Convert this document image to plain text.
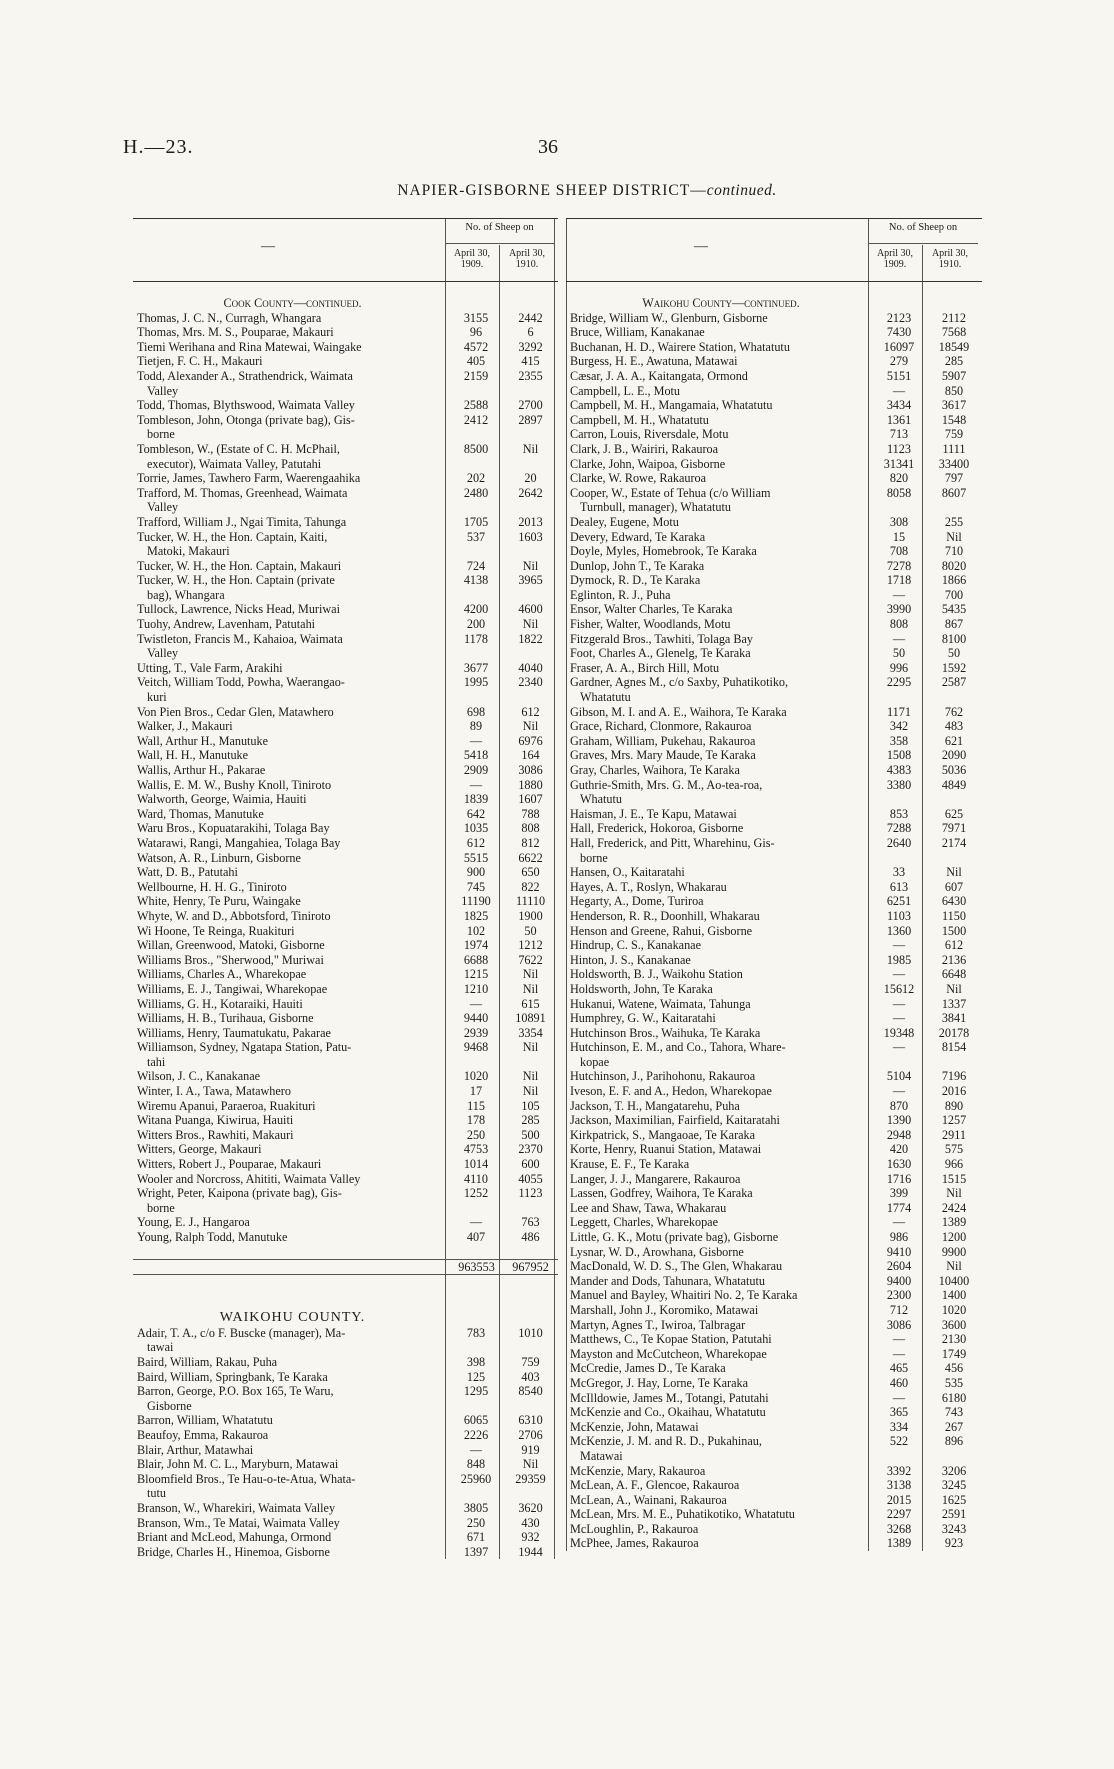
H.—23.	36
NAPIER-GISBORNE SHEEP DISTRICT—continued.
—
No. of Sheep on
April 30, 1909.
April 30, 1910.
Cook County—continued.
Thomas, J. C. N., Curragh, Whangara	3155	2442
Thomas, Mrs. M. S., Pouparae, Makauri	96	6
Tiemi Werihana and Rina Matewai, Waingake	4572	3292
Tietjen, F. C. H., Makauri	405	415
Todd, Alexander A., Strathendrick, Waimata	2159	2355
Valley
Todd, Thomas, Blythswood, Waimata Valley	2588	2700
Tombleson, John, Otonga (private bag), Gis-	2412	2897
borne
Tombleson, W., (Estate of C. H. McPhail,	8500	Nil
executor), Waimata Valley, Patutahi
Torrie, James, Tawhero Farm, Waerengaahika	202	20
Trafford, M. Thomas, Greenhead, Waimata	2480	2642
Valley
Trafford, William J., Ngai Timita, Tahunga	1705	2013
Tucker, W. H., the Hon. Captain, Kaiti,	537	1603
Matoki, Makauri
Tucker, W. H., the Hon. Captain, Makauri	724	Nil
Tucker, W. H., the Hon. Captain (private	4138	3965
bag), Whangara
Tullock, Lawrence, Nicks Head, Muriwai	4200	4600
Tuohy, Andrew, Lavenham, Patutahi	200	Nil
Twistleton, Francis M., Kahaioa, Waimata	1178	1822
Valley
Utting, T., Vale Farm, Arakihi	3677	4040
Veitch, William Todd, Powha, Waerangao-	1995	2340
kuri
Von Pien Bros., Cedar Glen, Matawhero	698	612
Walker, J., Makauri	89	Nil
Wall, Arthur H., Manutuke	—	6976
Wall, H. H., Manutuke	5418	164
Wallis, Arthur H., Pakarae	2909	3086
Wallis, E. M. W., Bushy Knoll, Tiniroto	—	1880
Walworth, George, Waimia, Hauiti	1839	1607
Ward, Thomas, Manutuke	642	788
Waru Bros., Kopuatarakihi, Tolaga Bay	1035	808
Watarawi, Rangi, Mangahiea, Tolaga Bay	612	812
Watson, A. R., Linburn, Gisborne	5515	6622
Watt, D. B., Patutahi	900	650
Wellbourne, H. H. G., Tiniroto	745	822
White, Henry, Te Puru, Waingake	11190	11110
Whyte, W. and D., Abbotsford, Tiniroto	1825	1900
Wi Hoone, Te Reinga, Ruakituri	102	50
Willan, Greenwood, Matoki, Gisborne	1974	1212
Williams Bros., "Sherwood," Muriwai	6688	7622
Williams, Charles A., Wharekopae	1215	Nil
Williams, E. J., Tangiwai, Wharekopae	1210	Nil
Williams, G. H., Kotaraiki, Hauiti	—	615
Williams, H. B., Turihaua, Gisborne	9440	10891
Williams, Henry, Taumatukatu, Pakarae	2939	3354
Williamson, Sydney, Ngatapa Station, Patu-	9468	Nil
tahi
Wilson, J. C., Kanakanae	1020	Nil
Winter, I. A., Tawa, Matawhero	17	Nil
Wiremu Apanui, Paraeroa, Ruakituri	115	105
Witana Puanga, Kiwirua, Hauiti	178	285
Witters Bros., Rawhiti, Makauri	250	500
Witters, George, Makauri	4753	2370
Witters, Robert J., Pouparae, Makauri	1014	600
Wooler and Norcross, Ahititi, Waimata Valley	4110	4055
Wright, Peter, Kaipona (private bag), Gis-	1252	1123
borne
Young, E. J., Hangaroa	—	763
Young, Ralph Todd, Manutuke	407	486
963553	967952
WAIKOHU COUNTY.
Adair, T. A., c/o F. Buscke (manager), Ma-	783	1010
tawai
Baird, William, Rakau, Puha	398	759
Baird, William, Springbank, Te Karaka	125	403
Barron, George, P.O. Box 165, Te Waru,	1295	8540
Gisborne
Barron, William, Whatatutu	6065	6310
Beaufoy, Emma, Rakauroa	2226	2706
Blair, Arthur, Matawhai	—	919
Blair, John M. C. L., Maryburn, Matawai	848	Nil
Bloomfield Bros., Te Hau-o-te-Atua, Whata-	25960	29359
tutu
Branson, W., Wharekiri, Waimata Valley	3805	3620
Branson, Wm., Te Matai, Waimata Valley	250	430
Briant and McLeod, Mahunga, Ormond	671	932
Bridge, Charles H., Hinemoa, Gisborne	1397	1944
—
No. of Sheep on
April 30, 1909.
April 30, 1910.
Waikohu County—continued.
Bridge, William W., Glenburn, Gisborne	2123	2112
Bruce, William, Kanakanae	7430	7568
Buchanan, H. D., Wairere Station, Whatatutu	16097	18549
Burgess, H. E., Awatuna, Matawai	279	285
Cæsar, J. A. A., Kaitangata, Ormond	5151	5907
Campbell, L. E., Motu	—	850
Campbell, M. H., Mangamaia, Whatatutu	3434	3617
Campbell, M. H., Whatatutu	1361	1548
Carron, Louis, Riversdale, Motu	713	759
Clark, J. B., Wairiri, Rakauroa	1123	1111
Clarke, John, Waipoa, Gisborne	31341	33400
Clarke, W. Rowe, Rakauroa	820	797
Cooper, W., Estate of Tehua (c/o William	8058	8607
Turnbull, manager), Whatatutu
Dealey, Eugene, Motu	308	255
Devery, Edward, Te Karaka	15	Nil
Doyle, Myles, Homebrook, Te Karaka	708	710
Dunlop, John T., Te Karaka	7278	8020
Dymock, R. D., Te Karaka	1718	1866
Eglinton, R. J., Puha	—	700
Ensor, Walter Charles, Te Karaka	3990	5435
Fisher, Walter, Woodlands, Motu	808	867
Fitzgerald Bros., Tawhiti, Tolaga Bay	—	8100
Foot, Charles A., Glenelg, Te Karaka	50	50
Fraser, A. A., Birch Hill, Motu	996	1592
Gardner, Agnes M., c/o Saxby, Puhatikotiko,	2295	2587
Whatatutu
Gibson, M. I. and A. E., Waihora, Te Karaka	1171	762
Grace, Richard, Clonmore, Rakauroa	342	483
Graham, William, Pukehau, Rakauroa	358	621
Graves, Mrs. Mary Maude, Te Karaka	1508	2090
Gray, Charles, Waihora, Te Karaka	4383	5036
Guthrie-Smith, Mrs. G. M., Ao-tea-roa,	3380	4849
Whatutu
Haisman, J. E., Te Kapu, Matawai	853	625
Hall, Frederick, Hokoroa, Gisborne	7288	7971
Hall, Frederick, and Pitt, Wharehinu, Gis-	2640	2174
borne
Hansen, O., Kaitaratahi	33	Nil
Hayes, A. T., Roslyn, Whakarau	613	607
Hegarty, A., Dome, Turiroa	6251	6430
Henderson, R. R., Doonhill, Whakarau	1103	1150
Henson and Greene, Rahui, Gisborne	1360	1500
Hindrup, C. S., Kanakanae	—	612
Hinton, J. S., Kanakanae	1985	2136
Holdsworth, B. J., Waikohu Station	—	6648
Holdsworth, John, Te Karaka	15612	Nil
Hukanui, Watene, Waimata, Tahunga	—	1337
Humphrey, G. W., Kaitaratahi	—	3841
Hutchinson Bros., Waihuka, Te Karaka	19348	20178
Hutchinson, E. M., and Co., Tahora, Whare-	—	8154
kopae
Hutchinson, J., Parihohonu, Rakauroa	5104	7196
Iveson, E. F. and A., Hedon, Wharekopae	—	2016
Jackson, T. H., Mangatarehu, Puha	870	890
Jackson, Maximilian, Fairfield, Kaitaratahi	1390	1257
Kirkpatrick, S., Mangaoae, Te Karaka	2948	2911
Korte, Henry, Ruanui Station, Matawai	420	575
Krause, E. F., Te Karaka	1630	966
Langer, J. J., Mangarere, Rakauroa	1716	1515
Lassen, Godfrey, Waihora, Te Karaka	399	Nil
Lee and Shaw, Tawa, Whakarau	1774	2424
Leggett, Charles, Wharekopae	—	1389
Little, G. K., Motu (private bag), Gisborne	986	1200
Lysnar, W. D., Arowhana, Gisborne	9410	9900
MacDonald, W. D. S., The Glen, Whakarau	2604	Nil
Mander and Dods, Tahunara, Whatatutu	9400	10400
Manuel and Bayley, Whaitiri No. 2, Te Karaka	2300	1400
Marshall, John J., Koromiko, Matawai	712	1020
Martyn, Agnes T., Iwiroa, Talbragar	3086	3600
Matthews, C., Te Kopae Station, Patutahi	—	2130
Mayston and McCutcheon, Wharekopae	—	1749
McCredie, James D., Te Karaka	465	456
McGregor, J. Hay, Lorne, Te Karaka	460	535
McIlldowie, James M., Totangi, Patutahi	—	6180
McKenzie and Co., Okaihau, Whatatutu	365	743
McKenzie, John, Matawai	334	267
McKenzie, J. M. and R. D., Pukahinau,	522	896
Matawai
McKenzie, Mary, Rakauroa	3392	3206
McLean, A. F., Glencoe, Rakauroa	3138	3245
McLean, A., Wainani, Rakauroa	2015	1625
McLean, Mrs. M. E., Puhatikotiko, Whatatutu	2297	2591
McLoughlin, P., Rakauroa	3268	3243
McPhee, James, Rakauroa	1389	923
